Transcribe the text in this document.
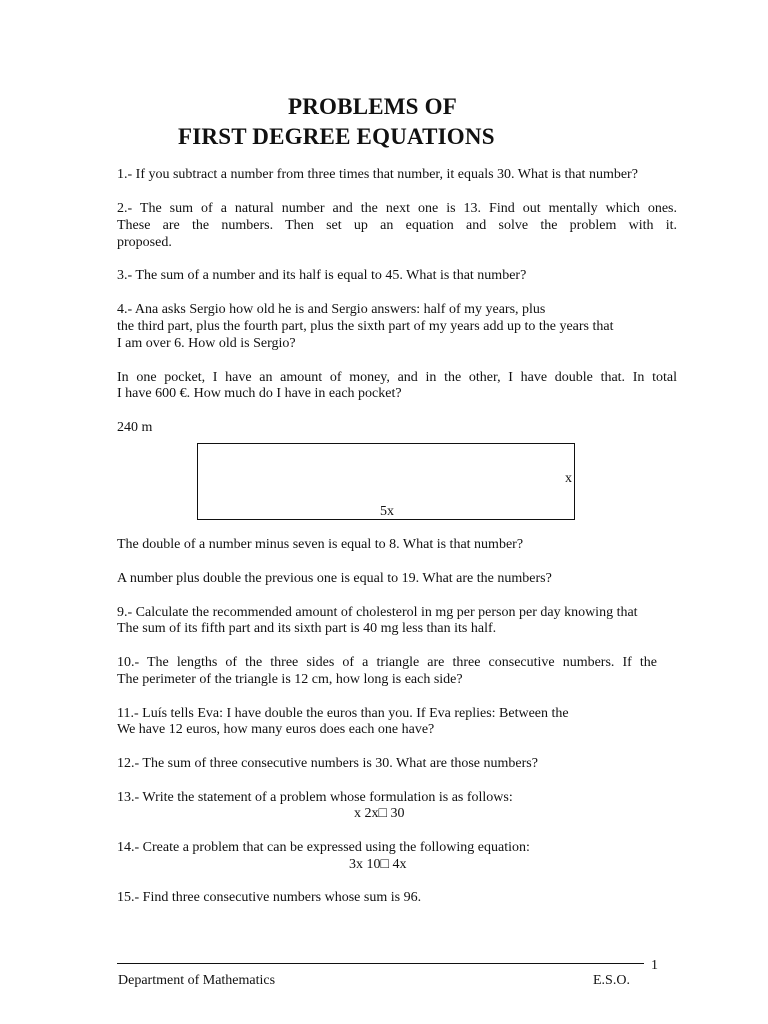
PROBLEMS OF
FIRST DEGREE EQUATIONS
1.- If you subtract a number from three times that number, it equals 30. What is that number?
2.- The sum of a natural number and the next one is 13. Find out mentally which ones.
These are the numbers. Then set up an equation and solve the problem with it.
proposed.
3.- The sum of a number and its half is equal to 45. What is that number?
4.- Ana asks Sergio how old he is and Sergio answers: half of my years, plus
the third part, plus the fourth part, plus the sixth part of my years add up to the years that
I am over 6. How old is Sergio?
In one pocket, I have an amount of money, and in the other, I have double that. In total
I have 600 €. How much do I have in each pocket?
240 m
x
5x
The double of a number minus seven is equal to 8. What is that number?
A number plus double the previous one is equal to 19. What are the numbers?
9.- Calculate the recommended amount of cholesterol in mg per person per day knowing that
The sum of its fifth part and its sixth part is 40 mg less than its half.
10.- The lengths of the three sides of a triangle are three consecutive numbers. If the
The perimeter of the triangle is 12 cm, how long is each side?
11.- Luís tells Eva: I have double the euros than you. If Eva replies: Between the
We have 12 euros, how many euros does each one have?
12.- The sum of three consecutive numbers is 30. What are those numbers?
13.- Write the statement of a problem whose formulation is as follows:
x 2x□ 30
14.- Create a problem that can be expressed using the following equation:
3x 10□ 4x
15.- Find three consecutive numbers whose sum is 96.
1
Department of Mathematics	E.S.O.
